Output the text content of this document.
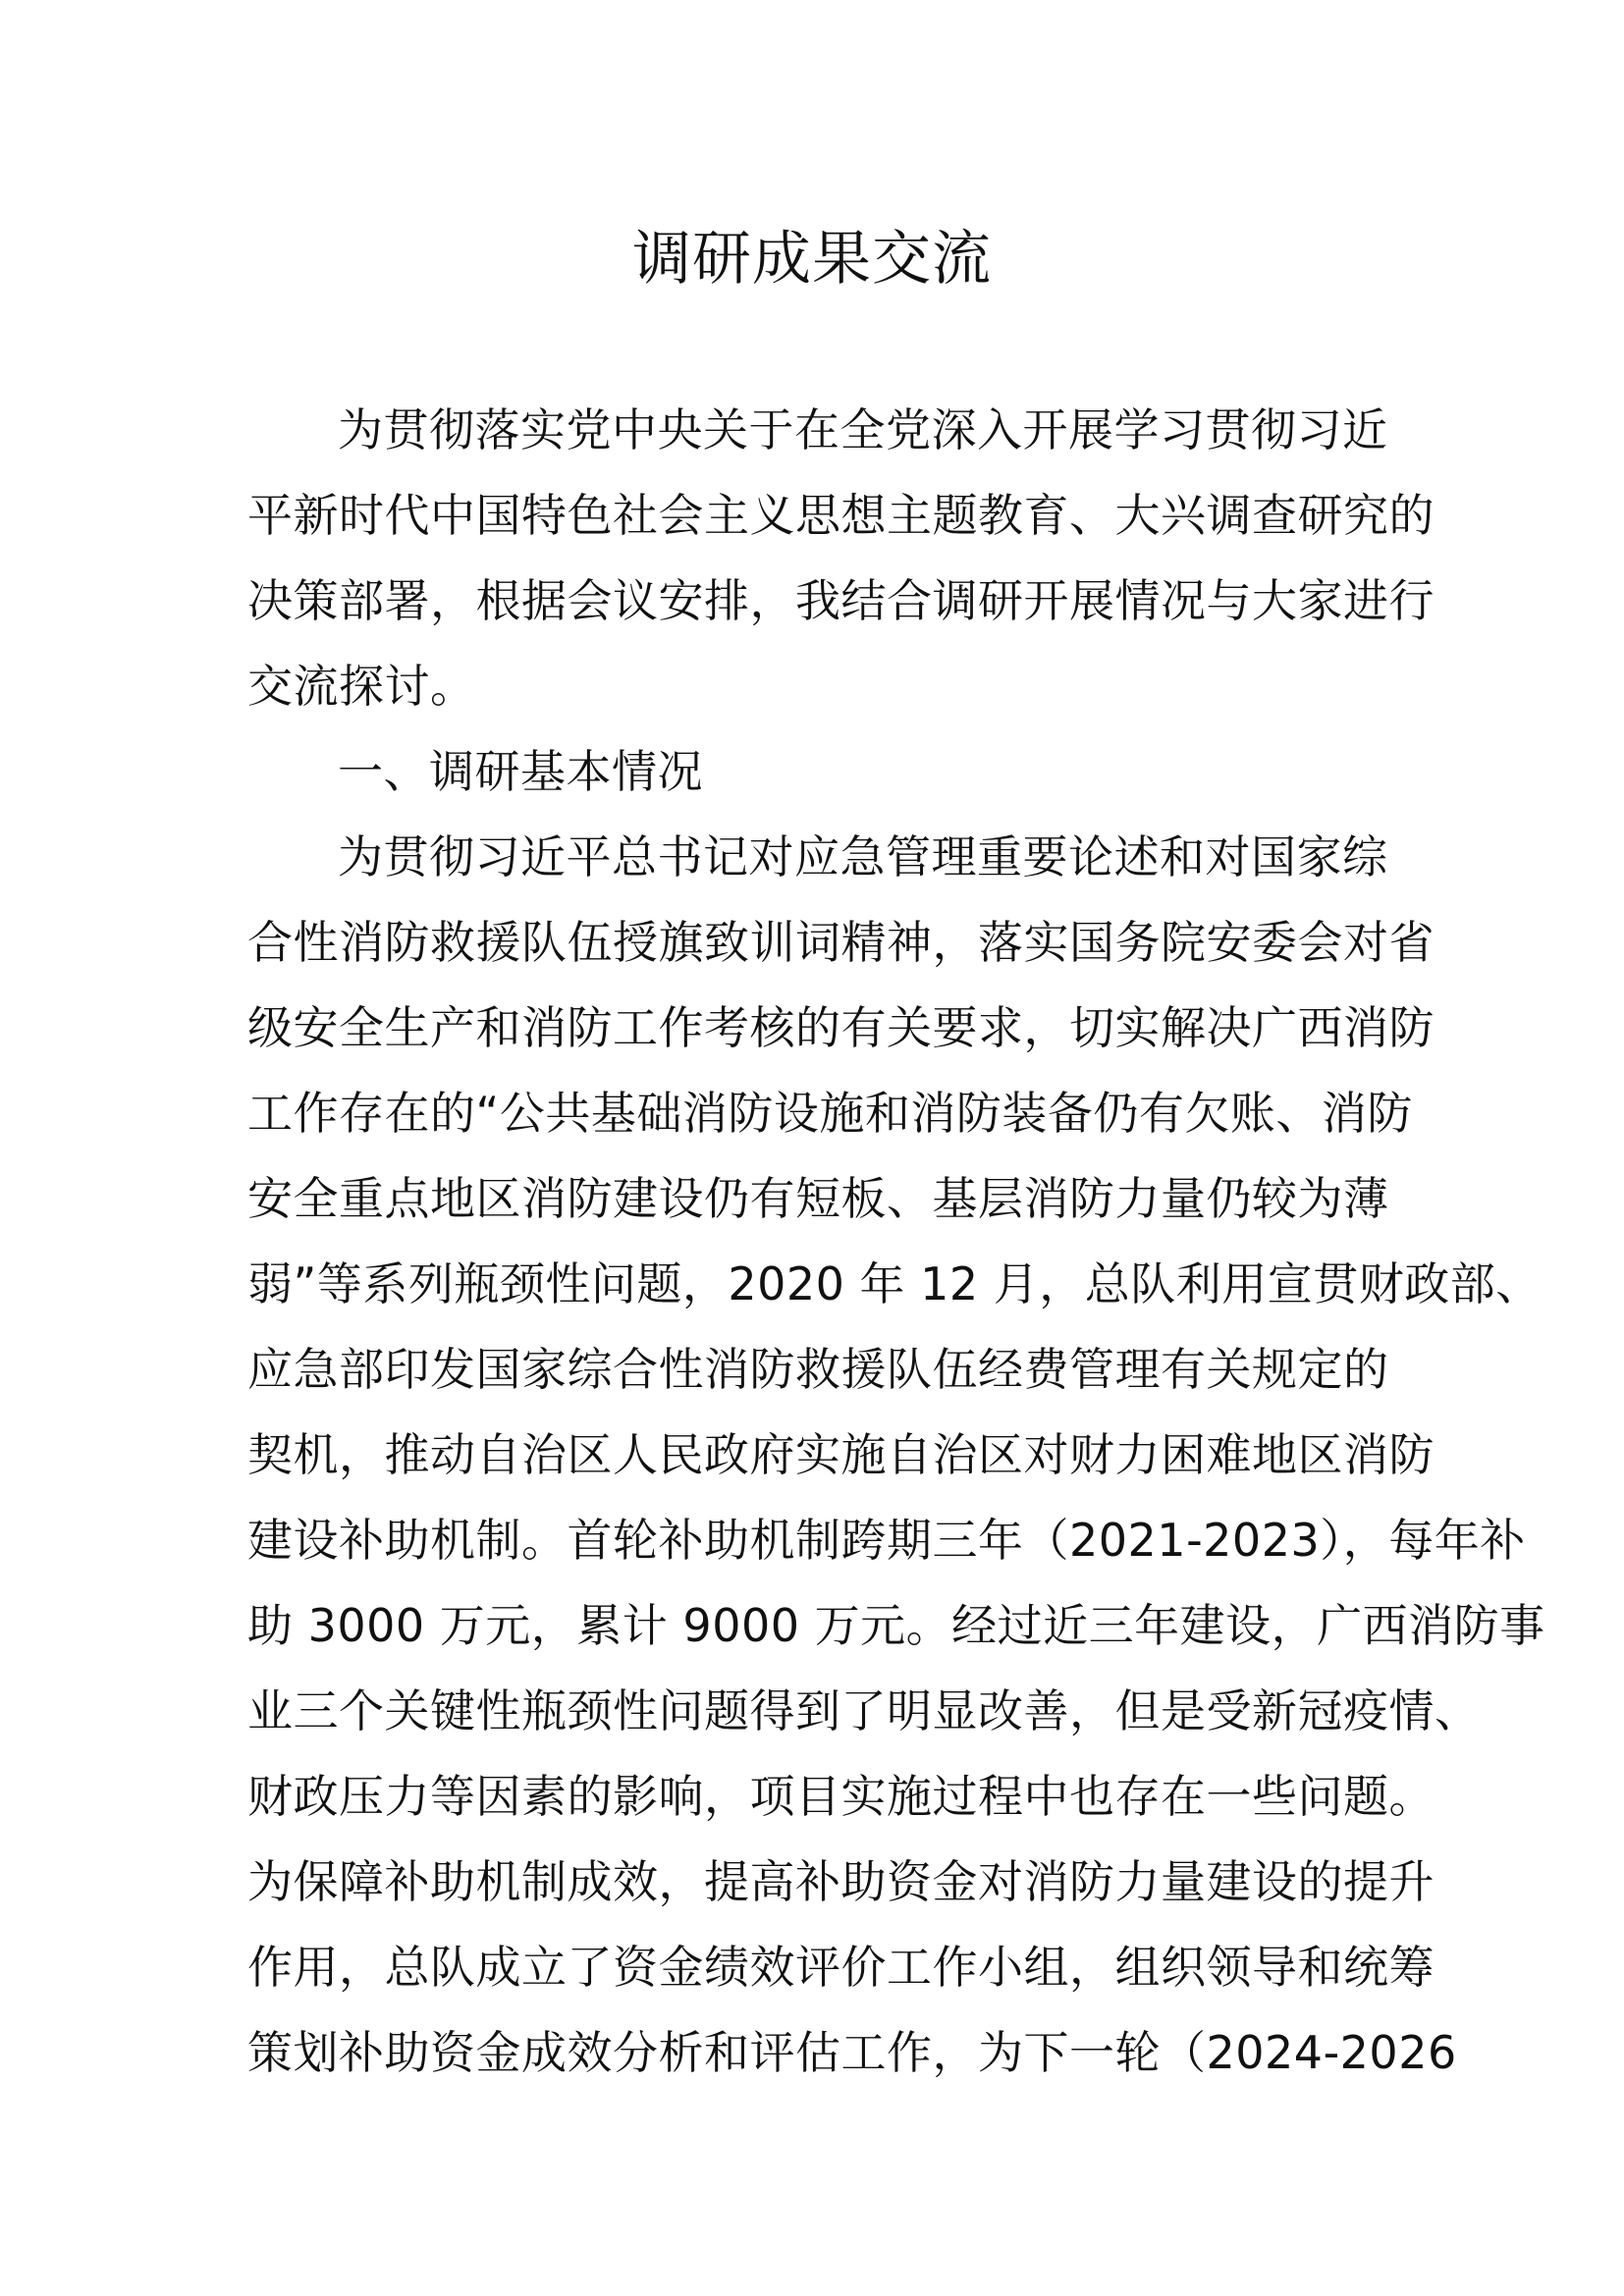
调研成果交流
为贯彻落实党中央关于在全党深入开展学习贯彻习近
平新时代中国特色社会主义思想主题教育、大兴调查研究的
决策部署，根据会议安排，我结合调研开展情况与大家进行
交流探讨。
一、调研基本情况
为贯彻习近平总书记对应急管理重要论述和对国家综
合性消防救援队伍授旗致训词精神，落实国务院安委会对省
级安全生产和消防工作考核的有关要求，切实解决广西消防
工作存在的“公共基础消防设施和消防装备仍有欠账、消防
安全重点地区消防建设仍有短板、基层消防力量仍较为薄
弱”等系列瓶颈性问题，2020 年 12 月，总队利用宣贯财政部、
应急部印发国家综合性消防救援队伍经费管理有关规定的
契机，推动自治区人民政府实施自治区对财力困难地区消防
建设补助机制。首轮补助机制跨期三年（2021-2023），每年补
助 3000 万元，累计 9000 万元。经过近三年建设，广西消防事
业三个关键性瓶颈性问题得到了明显改善，但是受新冠疫情、
财政压力等因素的影响，项目实施过程中也存在一些问题。
为保障补助机制成效，提高补助资金对消防力量建设的提升
作用，总队成立了资金绩效评价工作小组，组织领导和统筹
策划补助资金成效分析和评估工作，为下一轮（2024-2026
